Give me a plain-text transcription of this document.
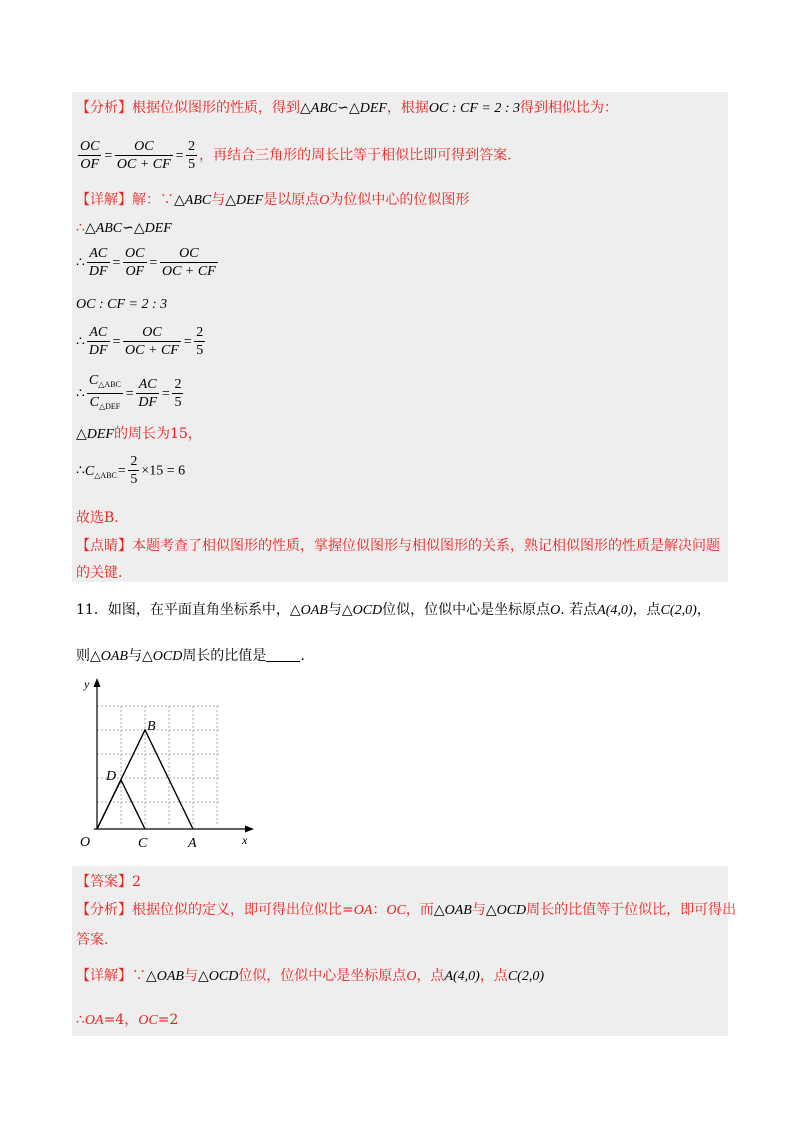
【分析】根据位似图形的性质，得到△ABC∽△DEF，根据OC : CF = 2 : 3得到相似比为：
$\frac{OC}{OF} = \frac{OC}{OC + CF} = \frac{2}{5}$ ，再结合三角形的周长比等于相似比即可得到答案.
【详解】解：∵△ABC与△DEF是以原点O为位似中心的位似图形
∴△ABC∽△DEF
∴ $\frac{AC}{DF} = \frac{OC}{OF} = \frac{OC}{OC + CF}$
OC : CF = 2 : 3
∴ $\frac{AC}{DF} = \frac{OC}{OC + CF} = \frac{2}{5}$
∴ $\frac{C_{\triangle ABC}}{C_{\triangle DEF}} = \frac{AC}{DF} = \frac{2}{5}$
△DEF的周长为15，
$\therefore C_{\triangle ABC}= \frac{2}{5} \times 15 = 6$
故选B.
【点睛】本题考查了相似图形的性质，掌握位似图形与相似图形的关系，熟记相似图形的性质是解决问题
的关键.
11．如图，在平面直角坐标系中，△OAB与△OCD位似，位似中心是坐标原点O. 若点A(4,0)，点C(2,0)，
则△OAB与△OCD周长的比值是 .
y
x
O
B
D
C	A
【答案】2
【分析】根据位似的定义，即可得出位似比=OA：OC，而△OAB与△OCD周长的比值等于位似比，即可得出
答案.
【详解】∵△OAB与△OCD位似，位似中心是坐标原点O，点A(4,0)，点C(2,0)
∴OA=4，OC=2
